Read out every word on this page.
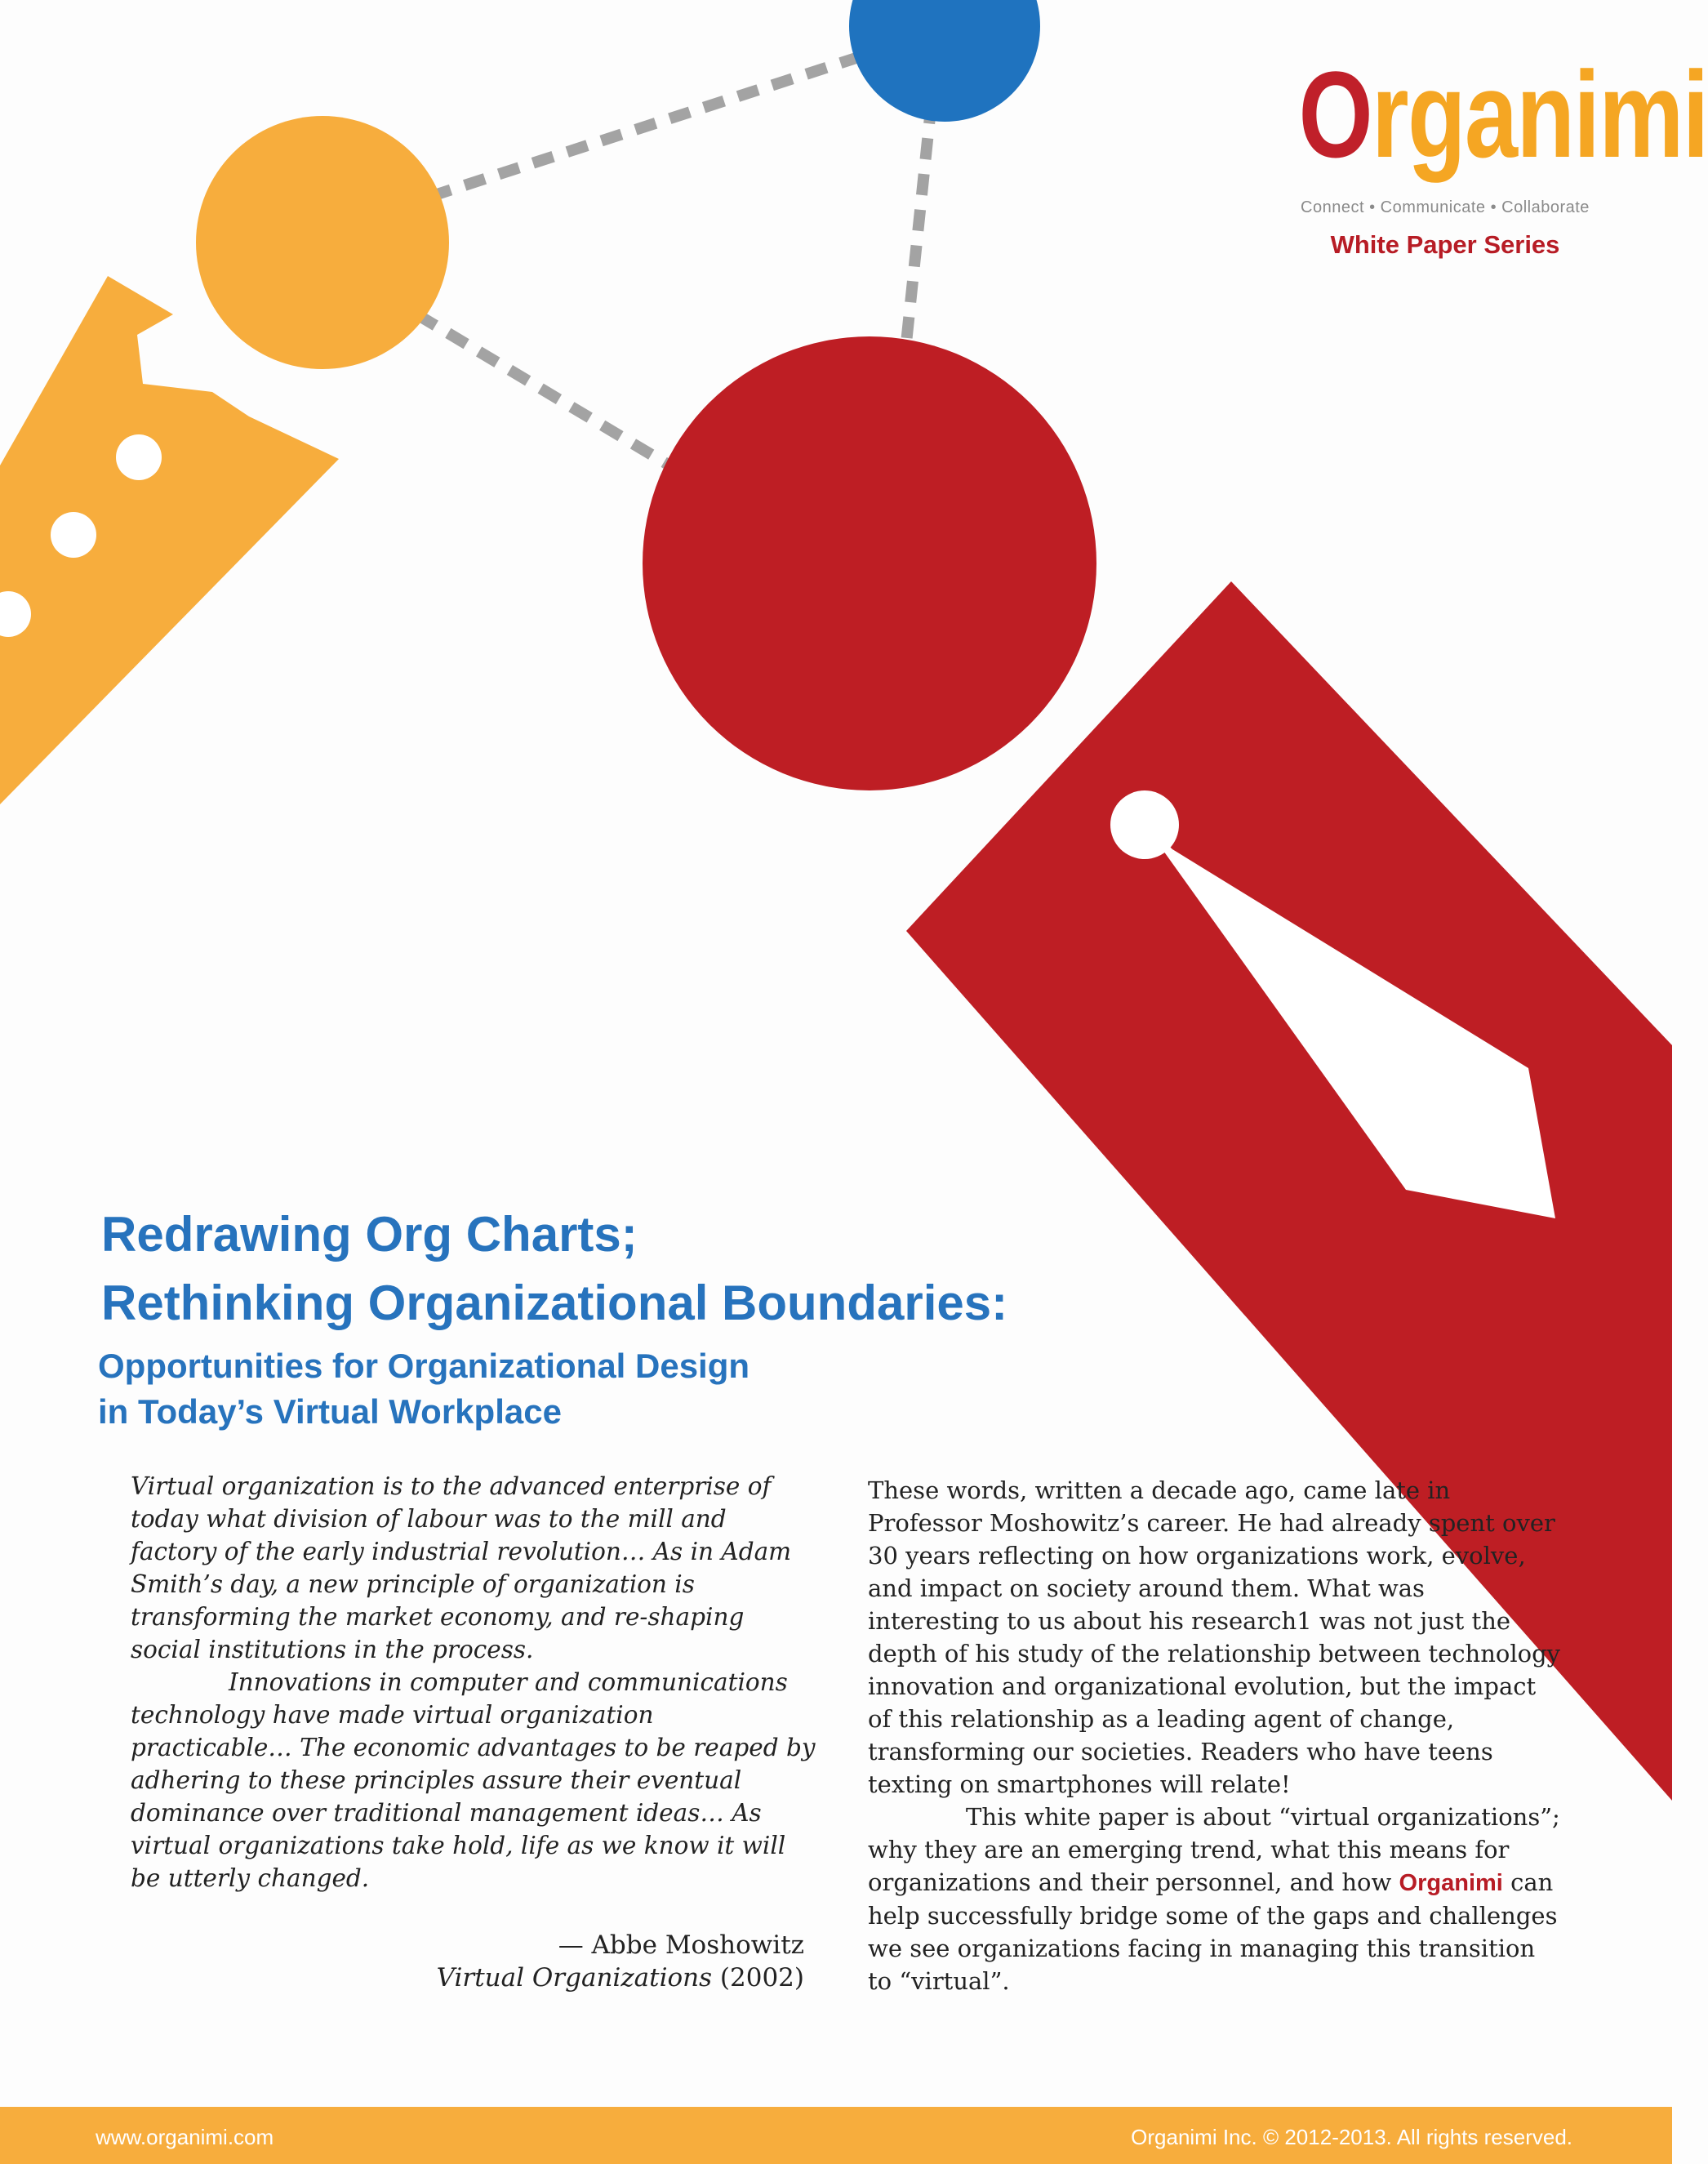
Organimi
Connect • Communicate • Collaborate
White Paper Series
Redrawing Org Charts;
Rethinking Organizational Boundaries:
Opportunities for Organizational Design
in Today’s Virtual Workplace

Virtual organization is to the advanced enterprise of today what division of labour was to the mill and factory of the early industrial revolution… As in Adam Smith’s day, a new principle of organization is transforming the market economy, and re-shaping social institutions in the process.

Innovations in computer and communications technology have made virtual organization practicable… The economic advantages to be reaped by adhering to these principles assure their eventual dominance over traditional management ideas… As virtual organizations take hold, life as we know it will be utterly changed.

— Abbe Moshowitz
Virtual Organizations (2002)

These words, written a decade ago, came late in Professor Moshowitz’s career. He had already spent over 30 years reflecting on how organizations work, evolve, and impact on society around them. What was interesting to us about his research1 was not just the depth of his study of the relationship between technology innovation and organizational evolution, but the impact of this relationship as a leading agent of change, transforming our societies. Readers who have teens texting on smartphones will relate!

This white paper is about “virtual organizations”; why they are an emerging trend, what this means for organizations and their personnel, and how Organimi can help successfully bridge some of the gaps and challenges we see organizations facing in managing this transition to “virtual”.

www.organimi.com	Organimi Inc. © 2012-2013. All rights reserved.
